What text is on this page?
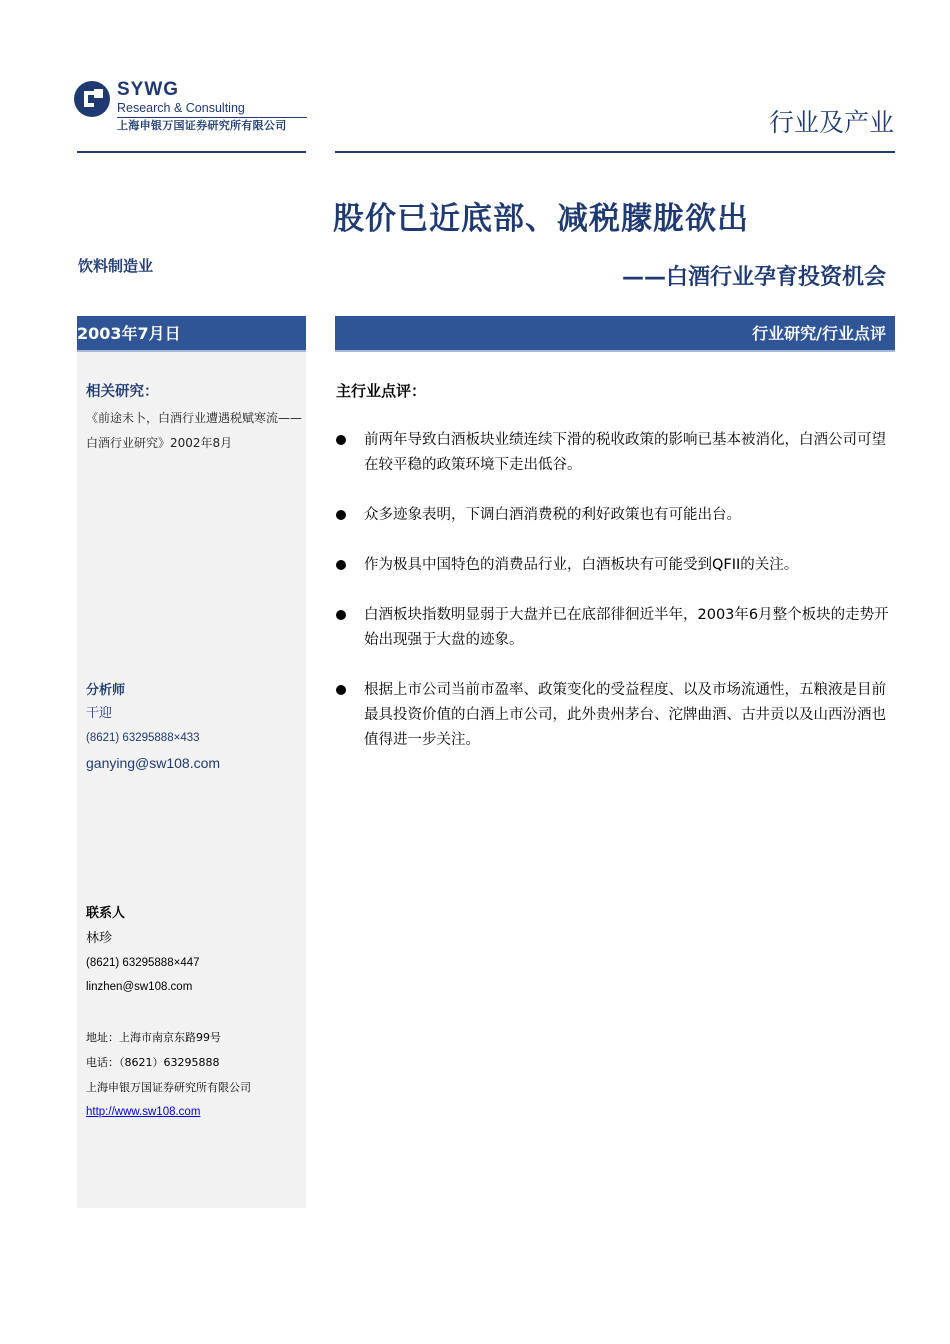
SYWG
Research & Consulting
上海申银万国证券研究所有限公司	行业及产业
股价已近底部、减税朦胧欲出
饮料制造业	——白酒行业孕育投资机会
2003年7月日	行业研究/行业点评
相关研究：
《前途未卜，白酒行业遭遇税赋寒流——白酒行业研究》2002年8月
分析师
干迎
(8621) 63295888×433
ganying@sw108.com
联系人
林珍
(8621) 63295888×447
linzhen@sw108.com
地址：上海市南京东路99号
电话：（8621）63295888
上海申银万国证券研究所有限公司
http://www.sw108.com
主行业点评：
前两年导致白酒板块业绩连续下滑的税收政策的影响已基本被消化，白酒公司可望在较平稳的政策环境下走出低谷。
众多迹象表明，下调白酒消费税的利好政策也有可能出台。
作为极具中国特色的消费品行业，白酒板块有可能受到QFII的关注。
白酒板块指数明显弱于大盘并已在底部徘徊近半年，2003年6月整个板块的走势开始出现强于大盘的迹象。
根据上市公司当前市盈率、政策变化的受益程度、以及市场流通性，五粮液是目前最具投资价值的白酒上市公司，此外贵州茅台、沱牌曲酒、古井贡以及山西汾酒也值得进一步关注。
